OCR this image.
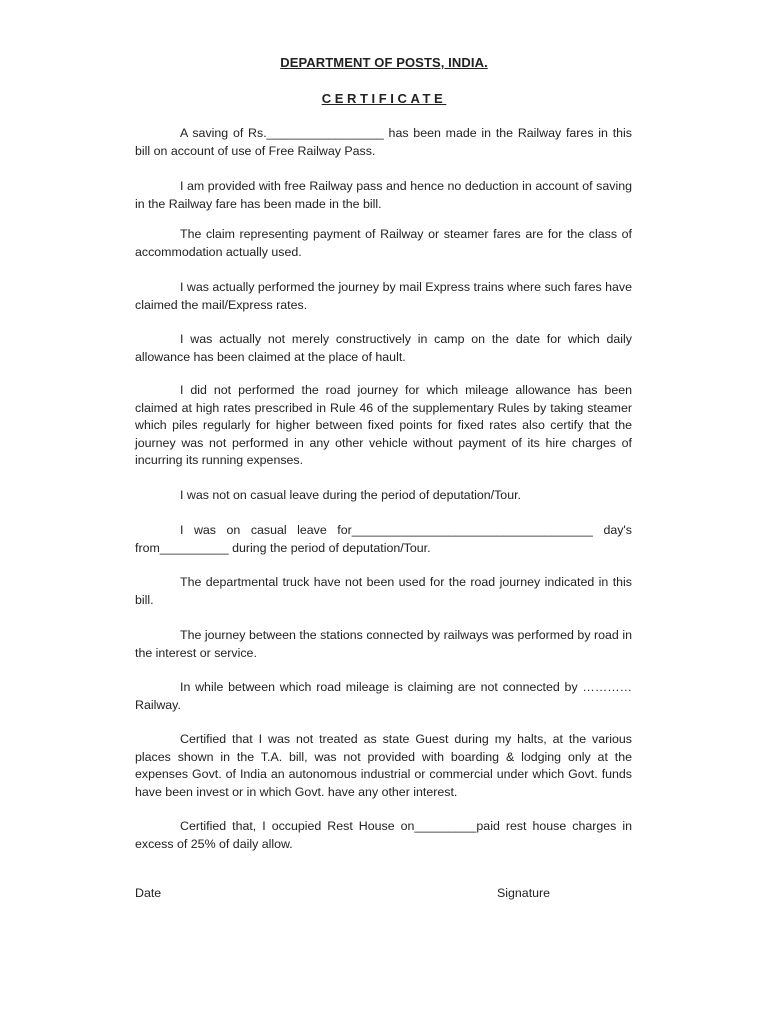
DEPARTMENT OF POSTS, INDIA.
CERTIFICATE

A saving of Rs._________________ has been made in the Railway fares in this bill on account of use of Free Railway Pass.

I am provided with free Railway pass and hence no deduction in account of saving in the Railway fare has been made in the bill.

The claim representing payment of Railway or steamer fares are for the class of accommodation actually used.

I was actually performed the journey by mail Express trains where such fares have claimed the mail/Express rates.

I was actually not merely constructively in camp on the date for which daily allowance has been claimed at the place of hault.

I did not performed the road journey for which mileage allowance has been claimed at high rates prescribed in Rule 46 of the supplementary Rules by taking steamer which piles regularly for higher between fixed points for fixed rates also certify that the journey was not performed in any other vehicle without payment of its hire charges of incurring its running expenses.

I was not on casual leave during the period of deputation/Tour.

I was on casual leave for___________________________________ day's from__________ during the period of deputation/Tour.

The departmental truck have not been used for the road journey indicated in this bill.

The journey between the stations connected by railways was performed by road in the interest or service.

In while between which road mileage is claiming are not connected by …………Railway.

Certified that I was not treated as state Guest during my halts, at the various places shown in the T.A. bill, was not provided with boarding & lodging only at the expenses Govt. of India an autonomous industrial or commercial under which Govt. funds have been invest or in which Govt. have any other interest.

Certified that, I occupied Rest House on_________paid rest house charges in excess of 25% of daily allow.

Date	Signature
